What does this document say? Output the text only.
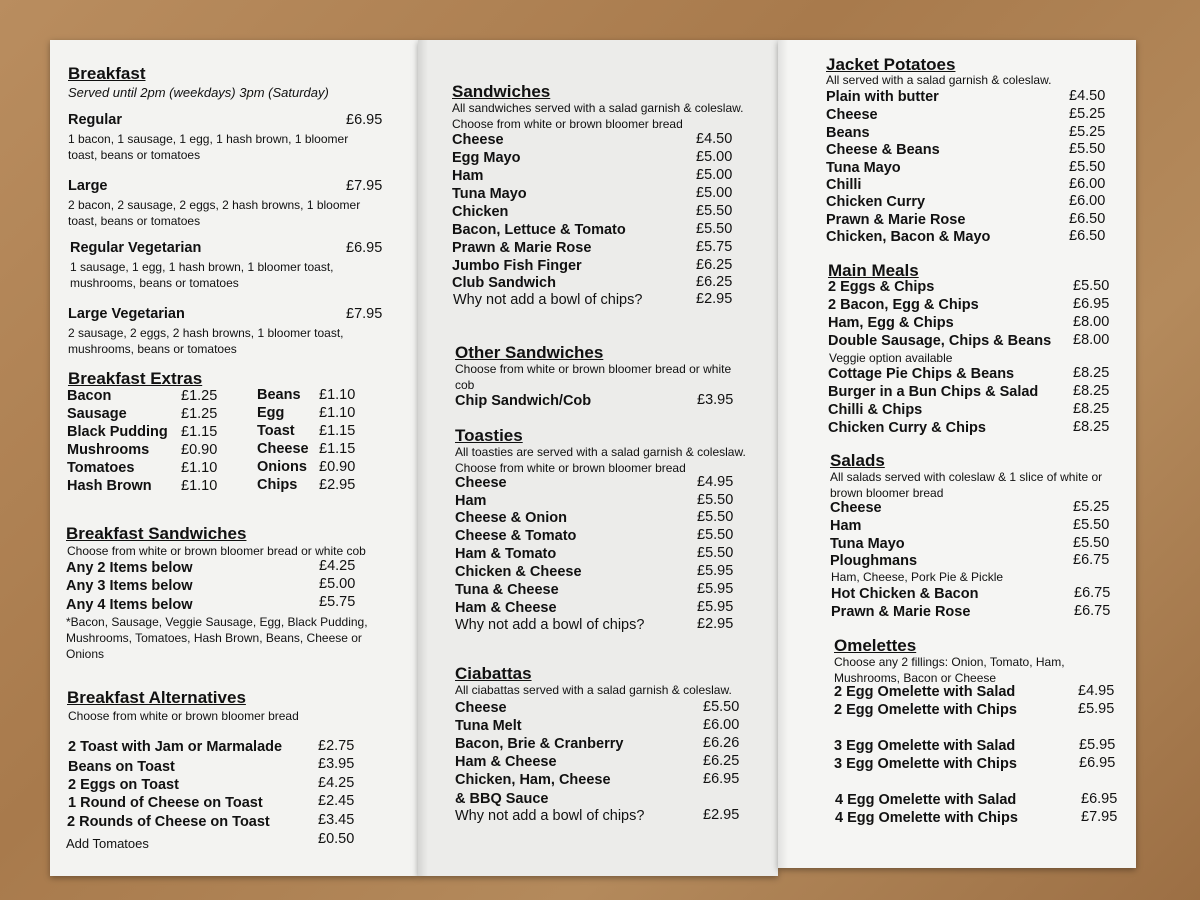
Breakfast
Served until 2pm (weekdays) 3pm (Saturday)
Regular	£6.95
1 bacon, 1 sausage, 1 egg, 1 hash brown, 1 bloomer toast, beans or tomatoes
Large	£7.95
2 bacon, 2 sausage, 2 eggs, 2 hash browns, 1 bloomer toast, beans or tomatoes
Regular Vegetarian	£6.95
1 sausage, 1 egg, 1 hash brown, 1 bloomer toast, mushrooms, beans or tomatoes
Large Vegetarian	£7.95
2 sausage, 2 eggs, 2 hash browns, 1 bloomer toast, mushrooms, beans or tomatoes
Breakfast Extras
Bacon	£1.25
Sausage	£1.25
Black Pudding £1.15
Mushrooms £0.90
Tomatoes	£1.10
Hash Brown £1.10
Beans £1.10
Egg £1.10
Toast £1.15
Cheese £1.15
Onions £0.90
Chips £2.95
Breakfast Sandwiches
Choose from white or brown bloomer bread or white cob
Any 2 Items below	£4.25
Any 3 Items below	£5.00
Any 4 Items below	£5.75
*Bacon, Sausage, Veggie Sausage, Egg, Black Pudding, Mushrooms, Tomatoes, Hash Brown, Beans, Cheese or Onions
Breakfast Alternatives
Choose from white or brown bloomer bread
2 Toast with Jam or Marmalade £2.75
Beans on Toast	£3.95
2 Eggs on Toast	£4.25
1 Round of Cheese on Toast	£2.45
2 Rounds of Cheese on Toast	£3.45
Add Tomatoes	£0.50
Sandwiches
All sandwiches served with a salad garnish & coleslaw. Choose from white or brown bloomer bread
Cheese	£4.50
Egg Mayo	£5.00
Ham	£5.00
Tuna Mayo	£5.00
Chicken	£5.50
Bacon, Lettuce & Tomato	£5.50
Prawn & Marie Rose	£5.75
Jumbo Fish Finger	£6.25
Club Sandwich	£6.25
Why not add a bowl of chips?	£2.95
Other Sandwiches
Choose from white or brown bloomer bread or white cob
Chip Sandwich/Cob	£3.95
Toasties
All toasties are served with a salad garnish & coleslaw. Choose from white or brown bloomer bread
Cheese	£4.95
Ham	£5.50
Cheese & Onion	£5.50
Cheese & Tomato	£5.50
Ham & Tomato	£5.50
Chicken & Cheese	£5.95
Tuna & Cheese	£5.95
Ham & Cheese	£5.95
Why not add a bowl of chips?	£2.95
Ciabattas
All ciabattas served with a salad garnish & coleslaw.
Cheese	£5.50
Tuna Melt	£6.00
Bacon, Brie & Cranberry	£6.26
Ham & Cheese	£6.25
Chicken, Ham, Cheese	£6.95
& BBQ Sauce
Why not add a bowl of chips?	£2.95
Jacket Potatoes
All served with a salad garnish & coleslaw.
Plain with butter	£4.50
Cheese	£5.25
Beans	£5.25
Cheese & Beans	£5.50
Tuna Mayo	£5.50
Chilli	£6.00
Chicken Curry	£6.00
Prawn & Marie Rose	£6.50
Chicken, Bacon & Mayo	£6.50
Main Meals
2 Eggs & Chips	£5.50
2 Bacon, Egg & Chips	£6.95
Ham, Egg & Chips	£8.00
Double Sausage, Chips & Beans £8.00
Veggie option available
Cottage Pie Chips & Beans	£8.25
Burger in a Bun Chips & Salad £8.25
Chilli & Chips	£8.25
Chicken Curry & Chips	£8.25
Salads
All salads served with coleslaw & 1 slice of white or brown bloomer bread
Cheese	£5.25
Ham	£5.50
Tuna Mayo	£5.50
Ploughmans	£6.75
Ham, Cheese, Pork Pie & Pickle
Hot Chicken & Bacon	£6.75
Prawn & Marie Rose	£6.75
Omelettes
Choose any 2 fillings: Onion, Tomato, Ham, Mushrooms, Bacon or Cheese
2 Egg Omelette with Salad	£4.95
2 Egg Omelette with Chips	£5.95
3 Egg Omelette with Salad	£5.95
3 Egg Omelette with Chips	£6.95
4 Egg Omelette with Salad	£6.95
4 Egg Omelette with Chips	£7.95
